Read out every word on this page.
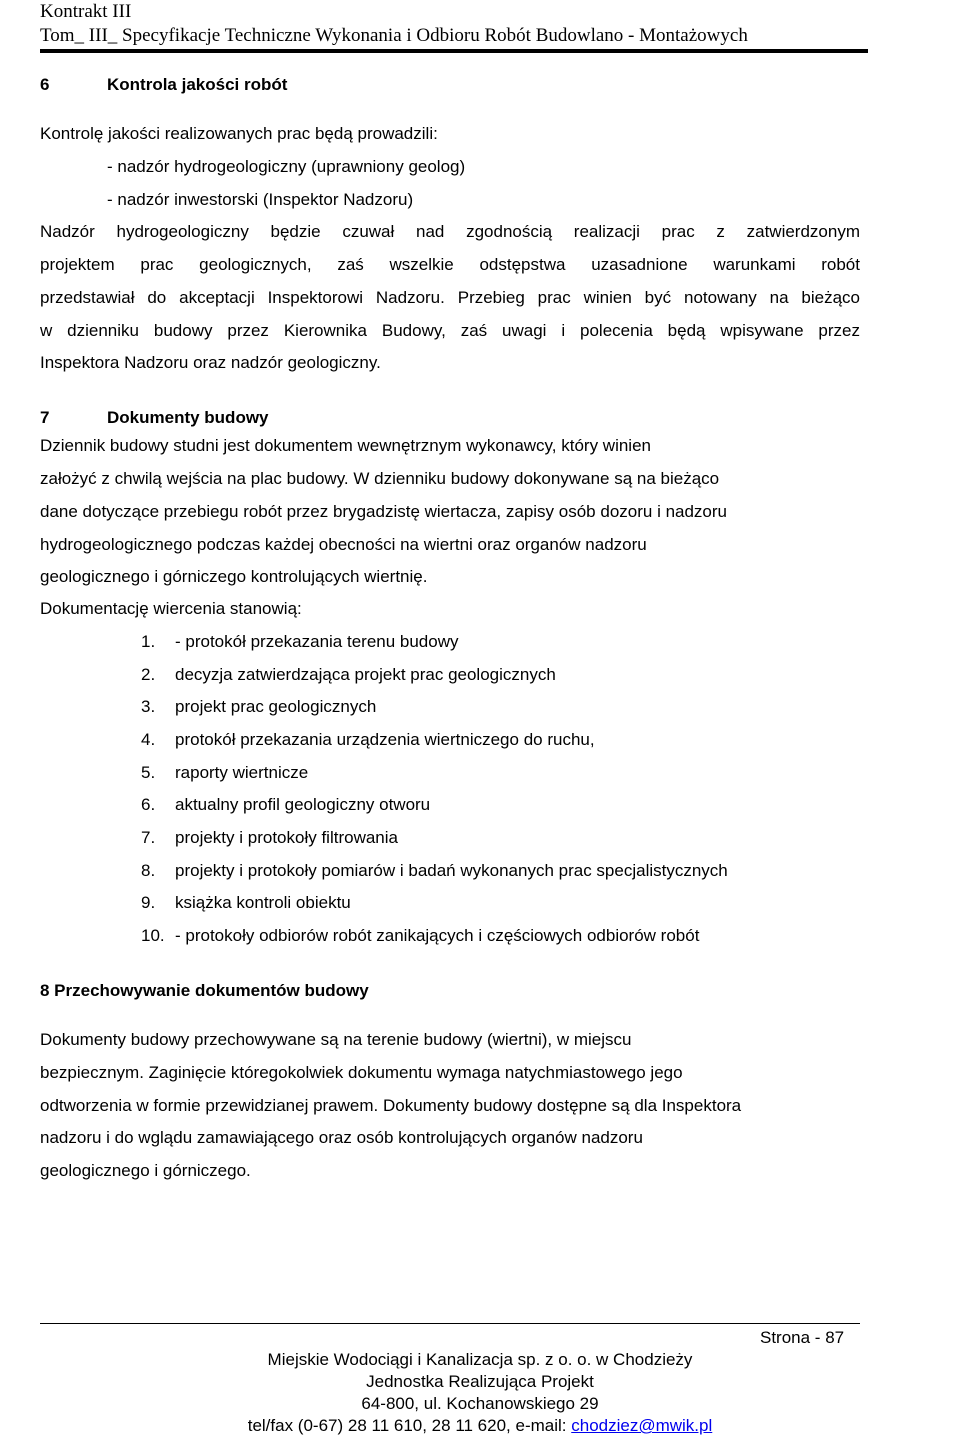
Kontrakt III
Tom_ III_ Specyfikacje Techniczne Wykonania i Odbioru Robót Budowlano - Montażowych
6	Kontrola jakości robót
Kontrolę jakości realizowanych prac będą prowadzili:
- nadzór hydrogeologiczny (uprawniony geolog)
- nadzór inwestorski (Inspektor Nadzoru)
Nadzór hydrogeologiczny będzie czuwał nad zgodnością realizacji prac z zatwierdzonym
projektem prac geologicznych, zaś wszelkie odstępstwa uzasadnione warunkami robót
przedstawiał do akceptacji Inspektorowi Nadzoru. Przebieg prac winien być notowany na bieżąco
w dzienniku budowy przez Kierownika Budowy, zaś uwagi i polecenia będą wpisywane przez
Inspektora Nadzoru oraz nadzór geologiczny.
7	Dokumenty budowy
Dziennik budowy studni jest dokumentem wewnętrznym wykonawcy, który winien
założyć z chwilą wejścia na plac budowy. W dzienniku budowy dokonywane są na bieżąco
dane dotyczące przebiegu robót przez brygadzistę wiertacza, zapisy osób dozoru i nadzoru
hydrogeologicznego podczas każdej obecności na wiertni oraz organów nadzoru
geologicznego i górniczego kontrolujących wiertnię.
Dokumentację wiercenia stanowią:
1. - protokół przekazania terenu budowy
2. decyzja zatwierdzająca projekt prac geologicznych
3. projekt prac geologicznych
4. protokół przekazania urządzenia wiertniczego do ruchu,
5. raporty wiertnicze
6. aktualny profil geologiczny otworu
7. projekty i protokoły filtrowania
8. projekty i protokoły pomiarów i badań wykonanych prac specjalistycznych
9. książka kontroli obiektu
10. - protokoły odbiorów robót zanikających i częściowych odbiorów robót
8 Przechowywanie dokumentów budowy
Dokumenty budowy przechowywane są na terenie budowy (wiertni), w miejscu
bezpiecznym. Zaginięcie któregokolwiek dokumentu wymaga natychmiastowego jego
odtworzenia w formie przewidzianej prawem. Dokumenty budowy dostępne są dla Inspektora
nadzoru i do wglądu zamawiającego oraz osób kontrolujących organów nadzoru
geologicznego i górniczego.
Strona - 87
Miejskie Wodociągi i Kanalizacja sp. z o. o. w Chodzieży
Jednostka Realizująca Projekt
64-800, ul. Kochanowskiego 29
tel/fax (0-67) 28 11 610, 28 11 620, e-mail: chodziez@mwik.pl
